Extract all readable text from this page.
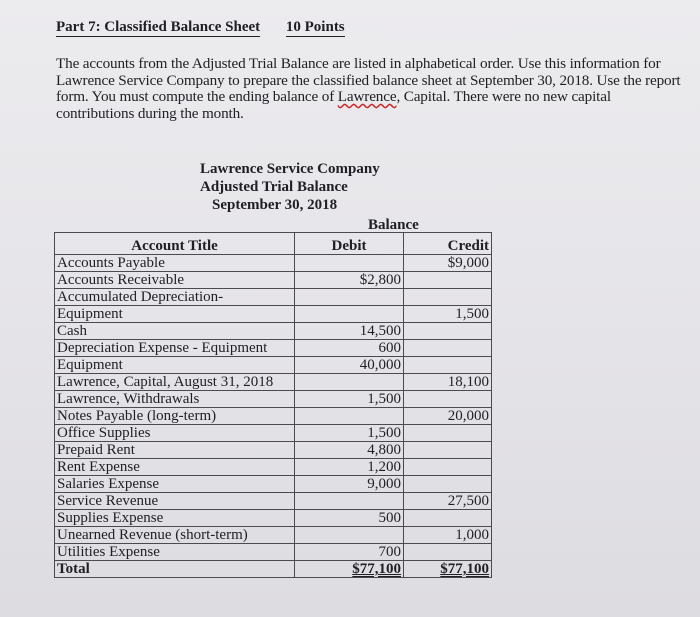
Part 7: Classified Balance Sheet 10 Points
The accounts from the Adjusted Trial Balance are listed in alphabetical order. Use this information for Lawrence Service Company to prepare the classified balance sheet at September 30, 2018. Use the report form. You must compute the ending balance of Lawrence, Capital. There were no new capital contributions during the month.
Lawrence Service Company
Adjusted Trial Balance
September 30, 2018
Balance
Account Title	Debit	Credit
Accounts Payable		$9,000
Accounts Receivable	$2,800	
Accumulated Depreciation-		
Equipment		1,500
Cash	14,500	
Depreciation Expense - Equipment	600	
Equipment	40,000	
Lawrence, Capital, August 31, 2018		18,100
Lawrence, Withdrawals	1,500	
Notes Payable (long-term)		20,000
Office Supplies	1,500	
Prepaid Rent	4,800	
Rent Expense	1,200	
Salaries Expense	9,000	
Service Revenue		27,500
Supplies Expense	500	
Unearned Revenue (short-term)		1,000
Utilities Expense	700	
Total	$77,100	$77,100
